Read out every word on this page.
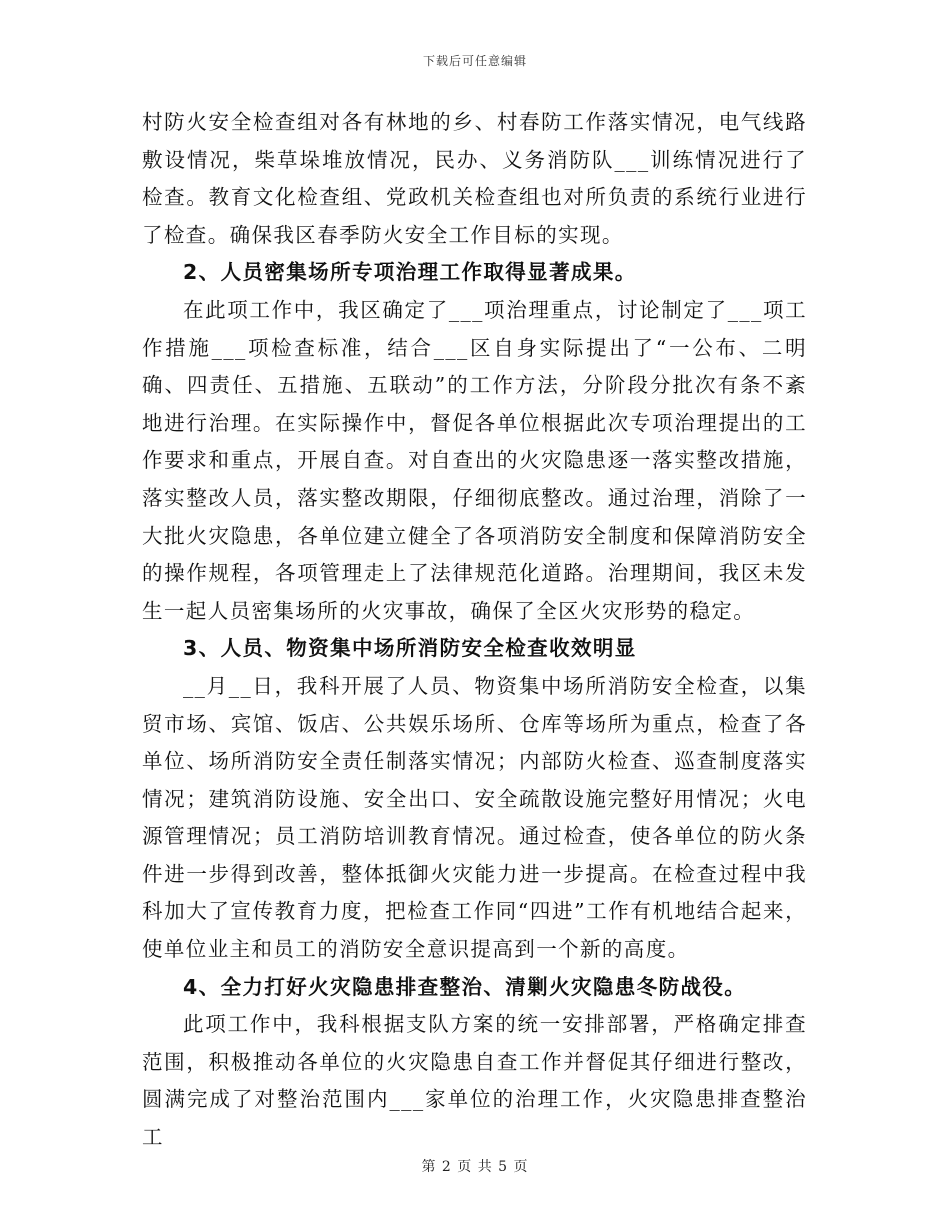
下载后可任意编辑

村防火安全检查组对各有林地的乡、村春防工作落实情况，电气线路敷设情况，柴草垛堆放情况，民办、义务消防队___训练情况进行了检查。教育文化检查组、党政机关检查组也对所负责的系统行业进行了检查。确保我区春季防火安全工作目标的实现。

2、人员密集场所专项治理工作取得显著成果。

在此项工作中，我区确定了___项治理重点，讨论制定了___项工作措施___项检查标准，结合___区自身实际提出了“一公布、二明确、四责任、五措施、五联动”的工作方法，分阶段分批次有条不紊地进行治理。在实际操作中，督促各单位根据此次专项治理提出的工作要求和重点，开展自查。对自查出的火灾隐患逐一落实整改措施，落实整改人员，落实整改期限，仔细彻底整改。通过治理，消除了一大批火灾隐患，各单位建立健全了各项消防安全制度和保障消防安全的操作规程，各项管理走上了法律规范化道路。治理期间，我区未发生一起人员密集场所的火灾事故，确保了全区火灾形势的稳定。

3、人员、物资集中场所消防安全检查收效明显

__月__日，我科开展了人员、物资集中场所消防安全检查，以集贸市场、宾馆、饭店、公共娱乐场所、仓库等场所为重点，检查了各单位、场所消防安全责任制落实情况；内部防火检查、巡查制度落实情况；建筑消防设施、安全出口、安全疏散设施完整好用情况；火电源管理情况；员工消防培训教育情况。通过检查，使各单位的防火条件进一步得到改善，整体抵御火灾能力进一步提高。在检查过程中我科加大了宣传教育力度，把检查工作同“四进”工作有机地结合起来，使单位业主和员工的消防安全意识提高到一个新的高度。

4、全力打好火灾隐患排查整治、清剿火灾隐患冬防战役。

此项工作中，我科根据支队方案的统一安排部署，严格确定排查范围，积极推动各单位的火灾隐患自查工作并督促其仔细进行整改，圆满完成了对整治范围内___家单位的治理工作，火灾隐患排查整治工

第 2 页 共 5 页
